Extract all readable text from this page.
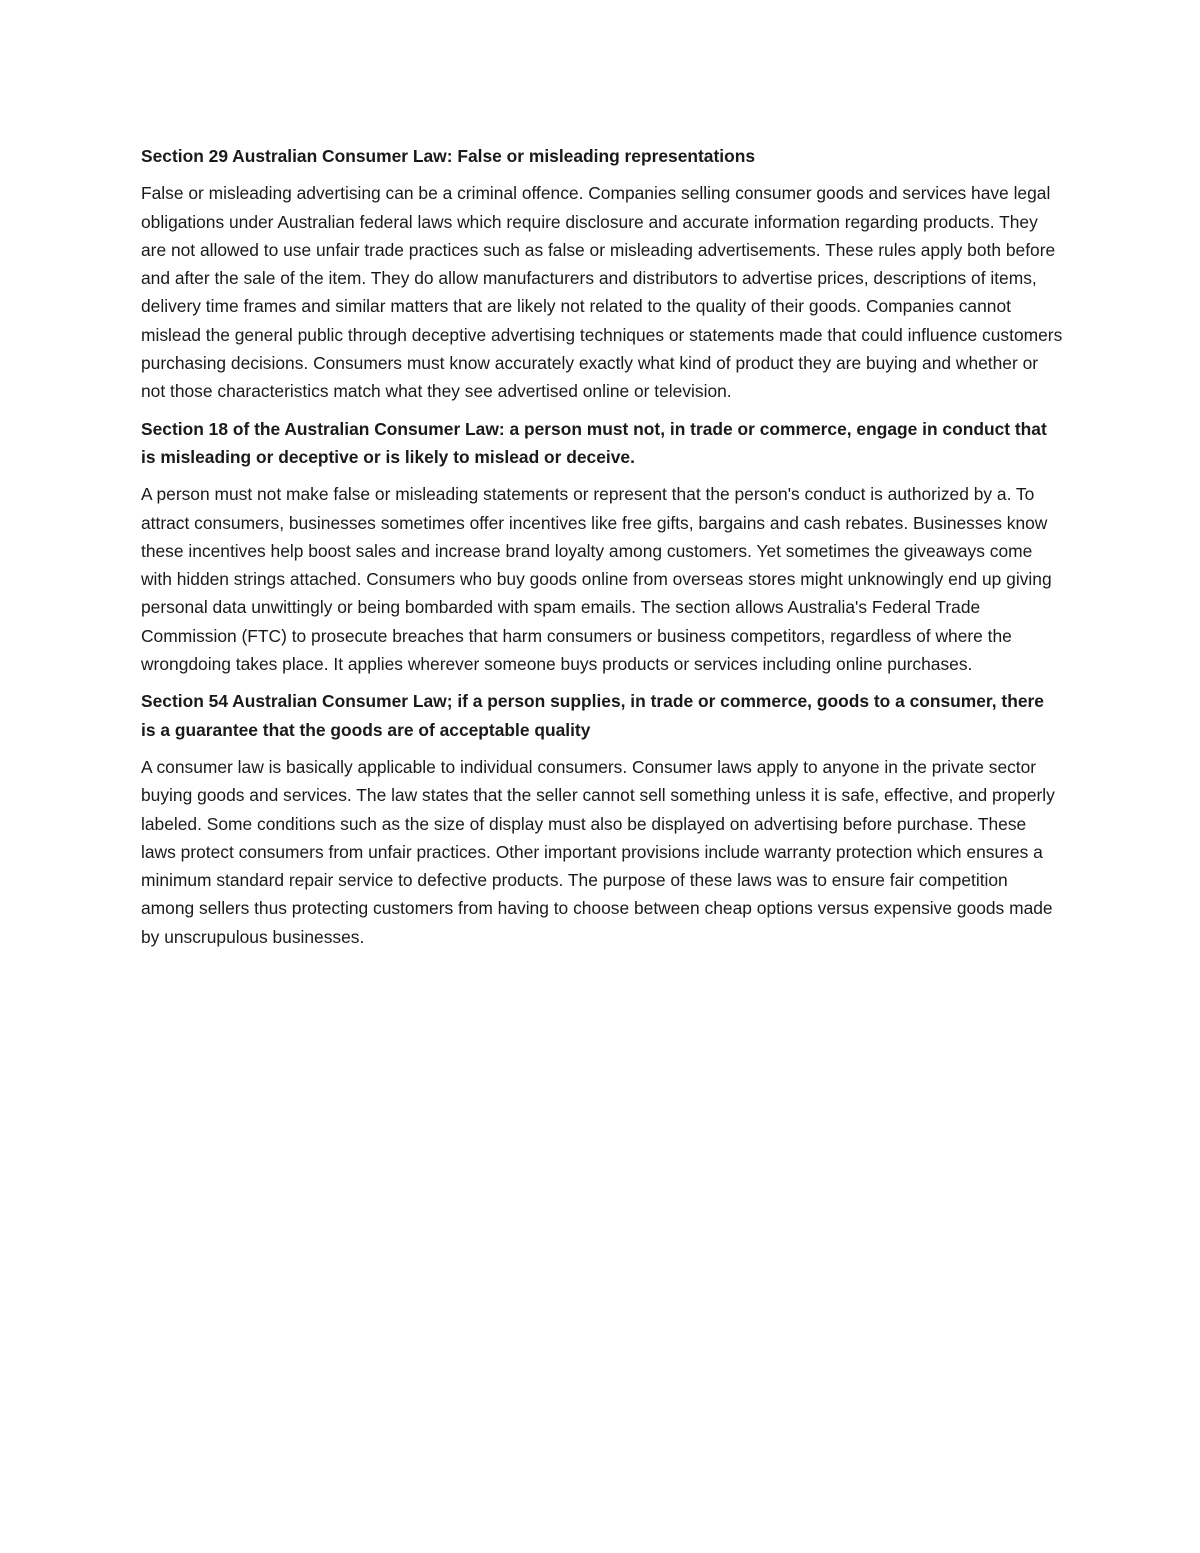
Section 29 Australian Consumer Law: False or misleading representations

False or misleading advertising can be a criminal offence. Companies selling consumer goods and services have legal obligations under Australian federal laws which require disclosure and accurate information regarding products. They are not allowed to use unfair trade practices such as false or misleading advertisements. These rules apply both before and after the sale of the item. They do allow manufacturers and distributors to advertise prices, descriptions of items, delivery time frames and similar matters that are likely not related to the quality of their goods. Companies cannot mislead the general public through deceptive advertising techniques or statements made that could influence customers purchasing decisions. Consumers must know accurately exactly what kind of product they are buying and whether or not those characteristics match what they see advertised online or television.

Section 18 of the Australian Consumer Law: a person must not, in trade or commerce, engage in conduct that is misleading or deceptive or is likely to mislead or deceive.

A person must not make false or misleading statements or represent that the person's conduct is authorized by a. To attract consumers, businesses sometimes offer incentives like free gifts, bargains and cash rebates. Businesses know these incentives help boost sales and increase brand loyalty among customers. Yet sometimes the giveaways come with hidden strings attached. Consumers who buy goods online from overseas stores might unknowingly end up giving personal data unwittingly or being bombarded with spam emails. The section allows Australia's Federal Trade Commission (FTC) to prosecute breaches that harm consumers or business competitors, regardless of where the wrongdoing takes place. It applies wherever someone buys products or services including online purchases.

Section 54 Australian Consumer Law; if a person supplies, in trade or commerce, goods to a consumer, there is a guarantee that the goods are of acceptable quality

A consumer law is basically applicable to individual consumers. Consumer laws apply to anyone in the private sector buying goods and services. The law states that the seller cannot sell something unless it is safe, effective, and properly labeled. Some conditions such as the size of display must also be displayed on advertising before purchase. These laws protect consumers from unfair practices. Other important provisions include warranty protection which ensures a minimum standard repair service to defective products. The purpose of these laws was to ensure fair competition among sellers thus protecting customers from having to choose between cheap options versus expensive goods made by unscrupulous businesses.
